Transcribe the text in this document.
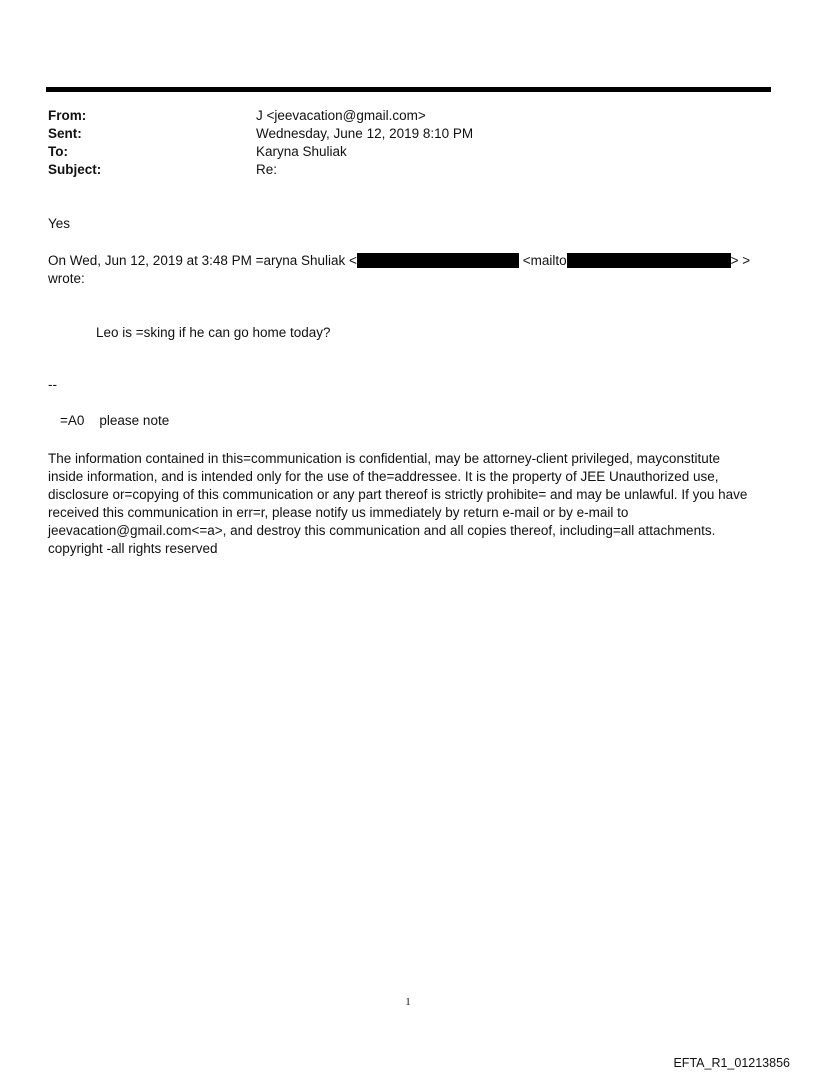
From:	J <jeevacation@gmail.com>
Sent:	Wednesday, June 12, 2019 8:10 PM
To:	Karyna Shuliak
Subject:	Re:
Yes
On Wed, Jun 12, 2019 at 3:48 PM =aryna Shuliak <	<mailto	> >
wrote:
Leo is =sking if he can go home today?
--
=A0    please note
The information contained in this=communication is confidential, may be attorney-client privileged, mayconstitute
inside information, and is intended only for the use of the=addressee. It is the property of JEE Unauthorized use,
disclosure or=copying of this communication or any part thereof is strictly prohibite= and may be unlawful. If you have
received this communication in err=r, please notify us immediately by return e-mail or by e-mail to
jeevacation@gmail.com<=a>, and destroy this communication and all copies thereof, including=all attachments.
copyright -all rights reserved
1
EFTA_R1_01213856
